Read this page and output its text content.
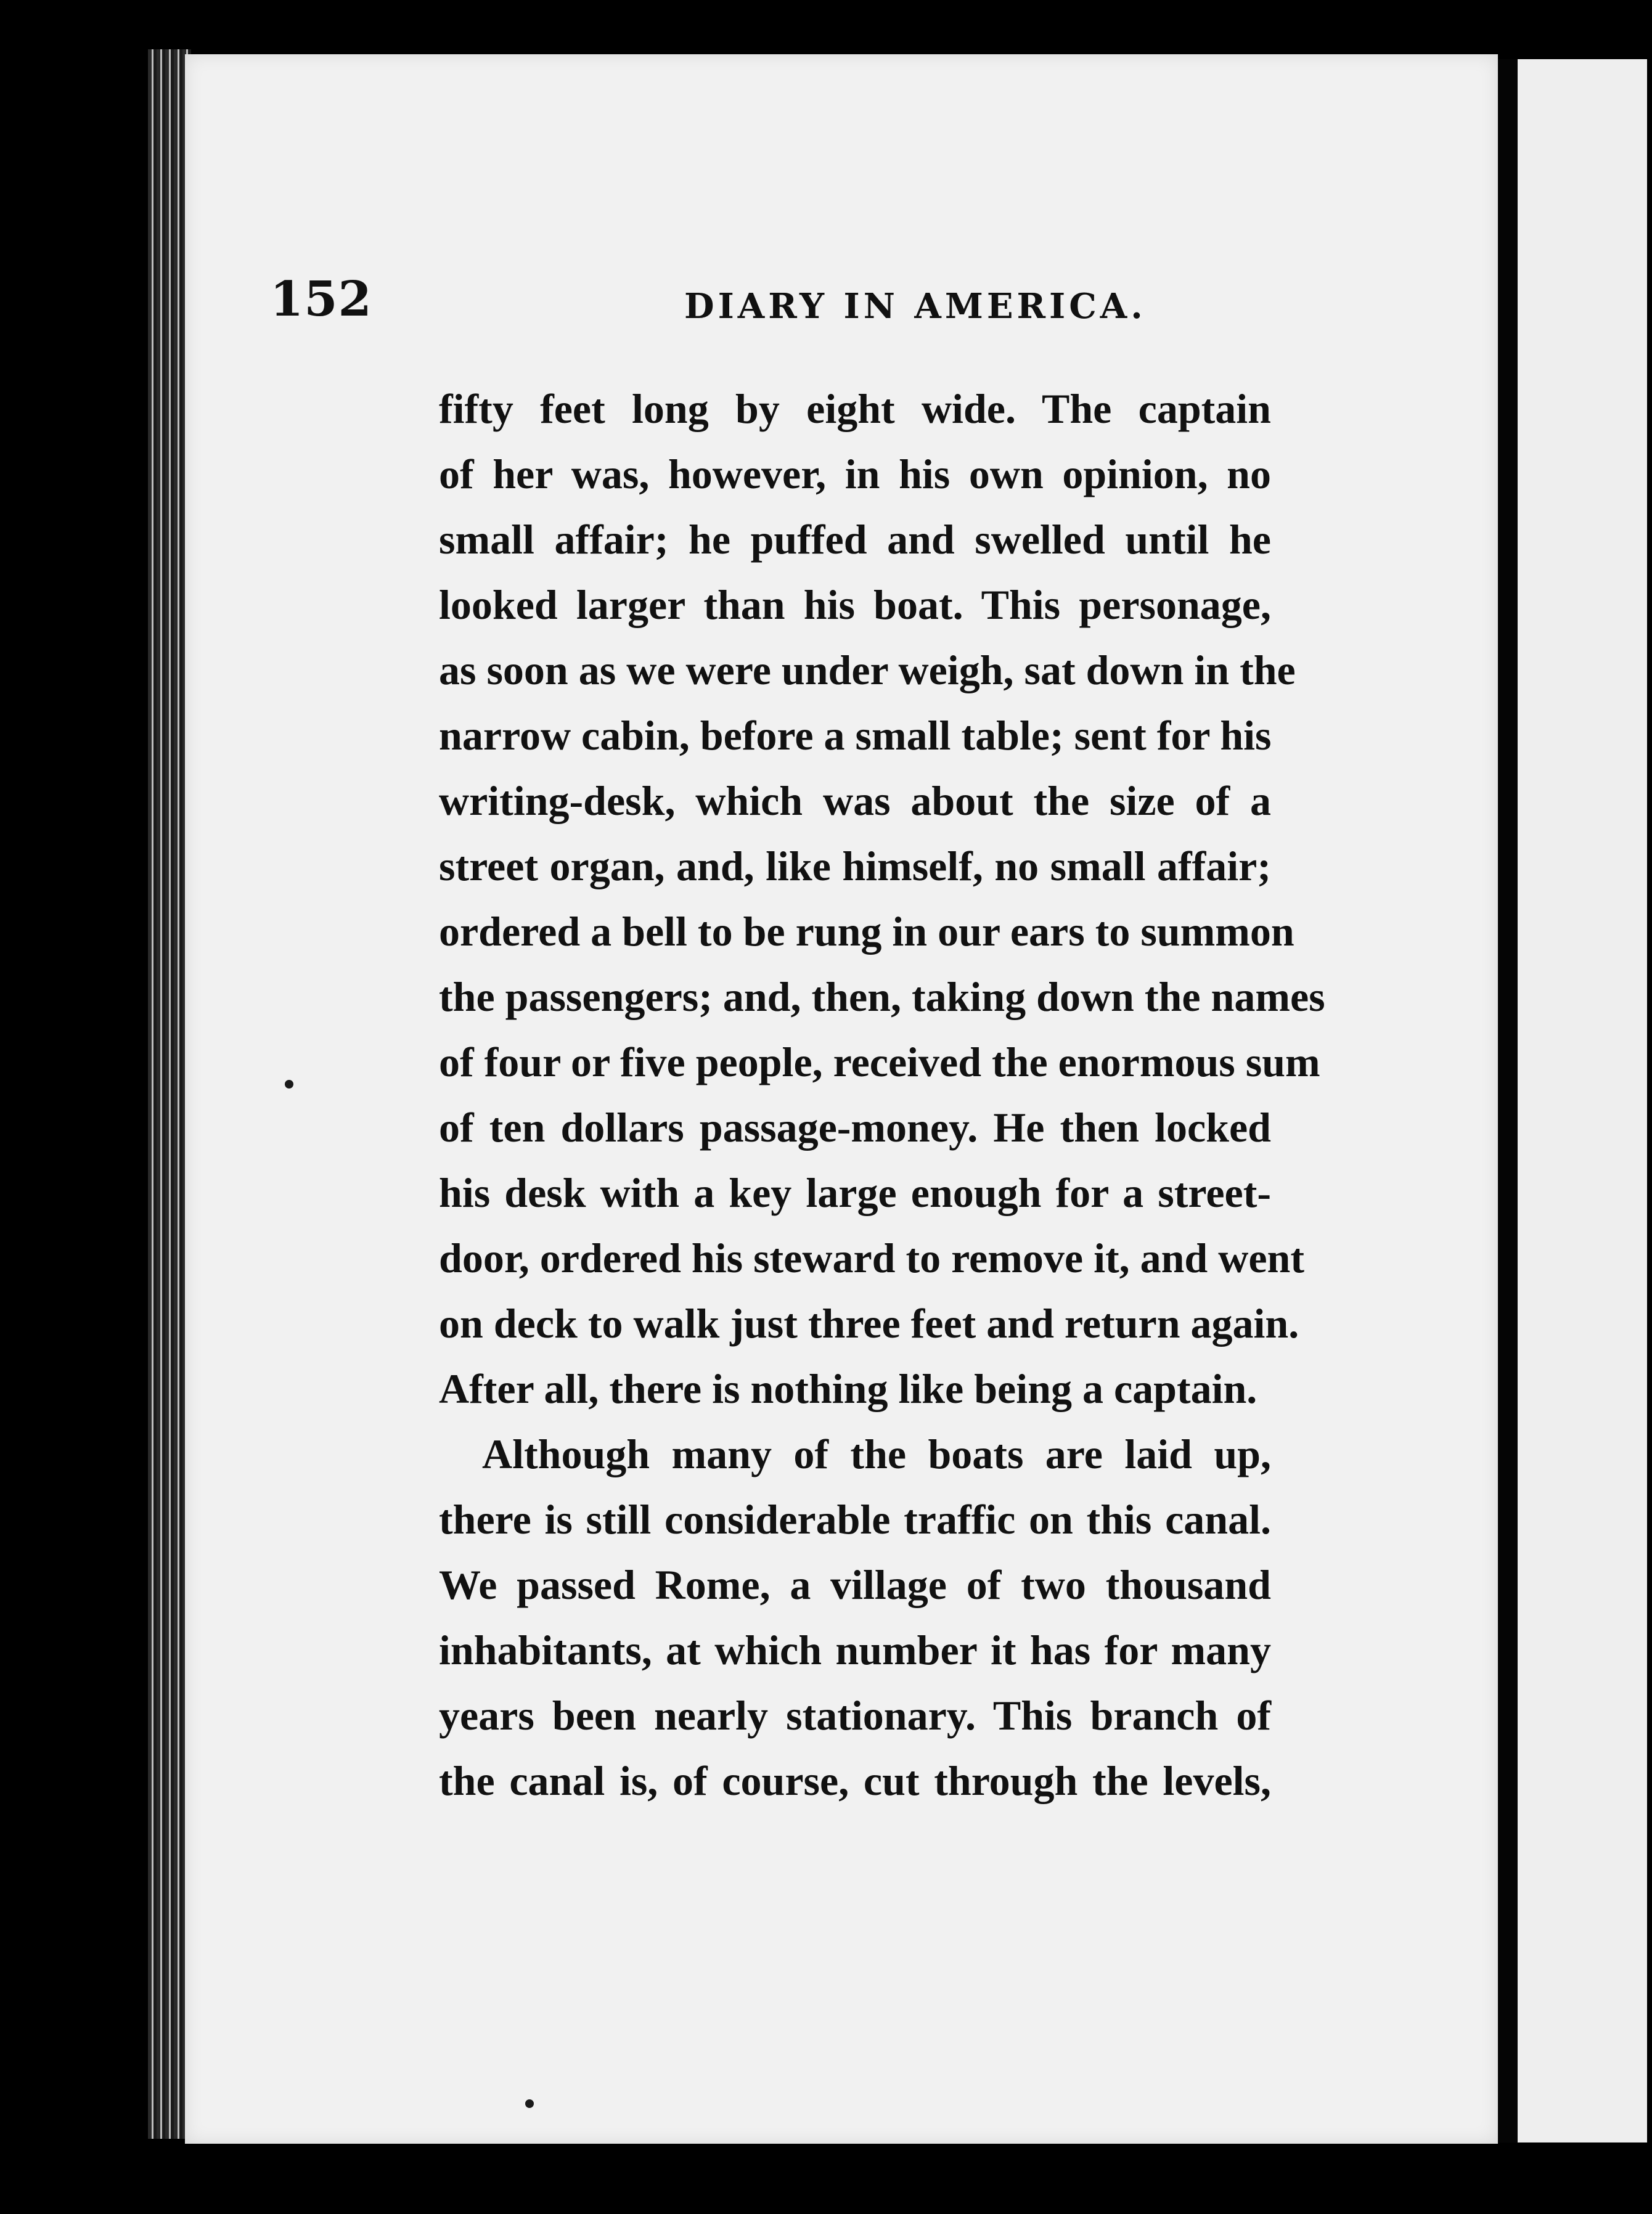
152	DIARY IN AMERICA.
fifty feet long by eight wide. The captain
of her was, however, in his own opinion, no
small affair; he puffed and swelled until he
looked larger than his boat. This personage,
as soon as we were under weigh, sat down in the
narrow cabin, before a small table; sent for his
writing-desk, which was about the size of a
street organ, and, like himself, no small affair;
ordered a bell to be rung in our ears to summon
the passengers; and, then, taking down the names
of four or five people, received the enormous sum
of ten dollars passage-money. He then locked
his desk with a key large enough for a street-
door, ordered his steward to remove it, and went
on deck to walk just three feet and return again.
After all, there is nothing like being a captain.
Although many of the boats are laid up,
there is still considerable traffic on this canal.
We passed Rome, a village of two thousand
inhabitants, at which number it has for many
years been nearly stationary. This branch of
the canal is, of course, cut through the levels,
